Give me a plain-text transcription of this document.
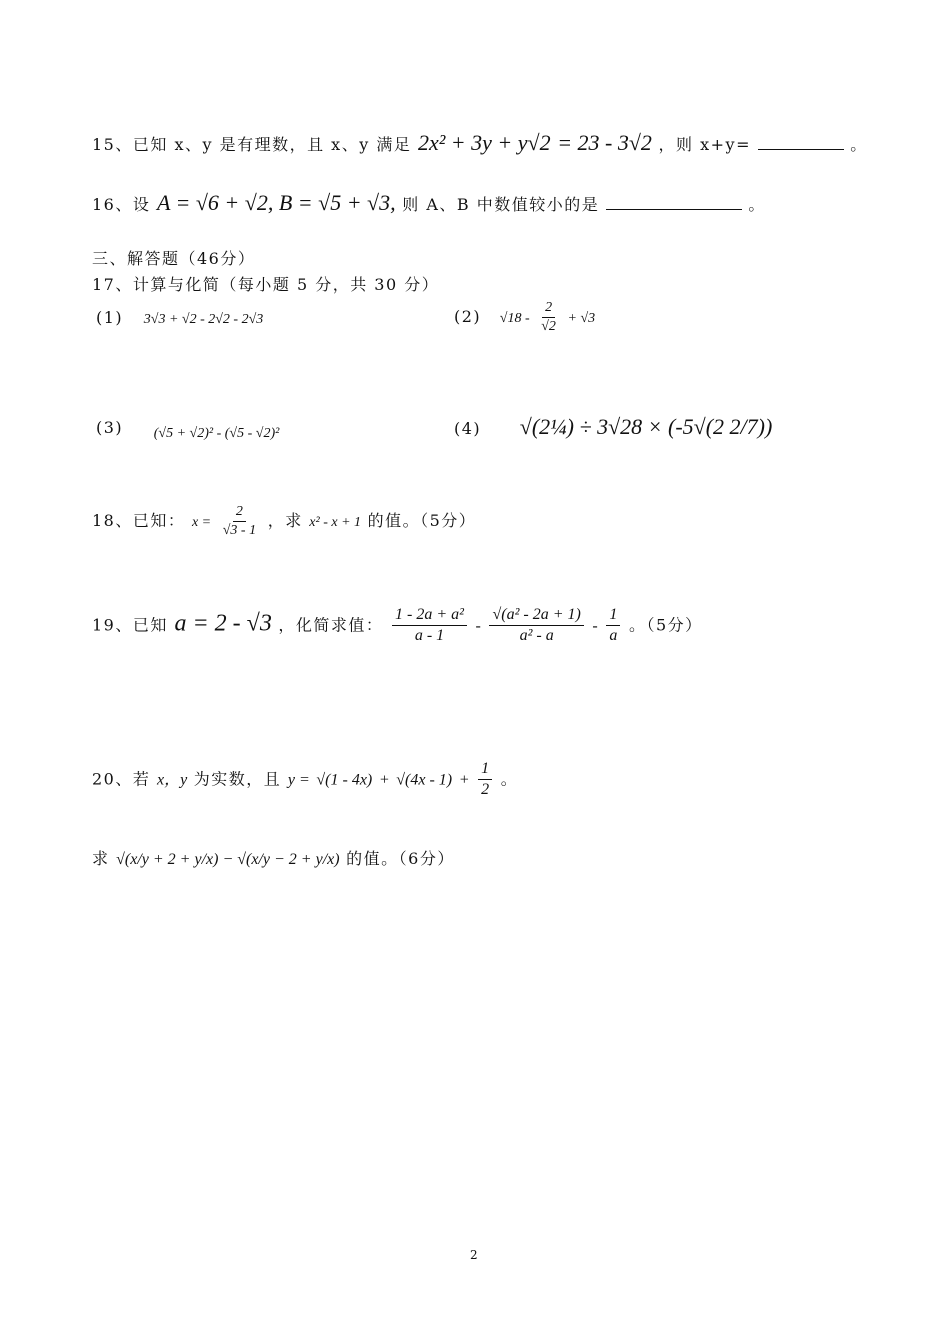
15、已知 x、y 是有理数，且 x、y 满足 2x² + 3y + y√2 = 23 - 3√2 ，则 x+y=	。
16、设 A = √6 + √2, B = √5 + √3, 则 A、B 中数值较小的是	。
三、解答题（46分）
17、计算与化简（每小题 5 分，共 30 分）
(1) 3√3 + √2 - 2√2 - 2√3	(2) $√18 - \frac{2}{√2} + √3$
(3) (√5 + √2)² - (√5 - √2)²	(4) √(2¼) ÷ 3√28 × (-5√(2 2/7))
18、已知： $x = \frac{2}{√3 - 1}$ ，求 x² - x + 1 的值。（5分）
19、已知 a = 2 - √3 ，化简求值： $\frac{\text{1 - 2a + a²}}{a - 1} - \frac{\text{√(a² - 2a + 1)}}{\text{a² - a}} - \frac{1}{a}$ 。（5分）
20、若 x，y 为实数，且 $y = √(1 - 4x) + √(4x - 1) + \frac{1}{2}$ 。
求 √(x/y + 2 + y/x) − √(x/y − 2 + y/x) 的值。（6分）
2
